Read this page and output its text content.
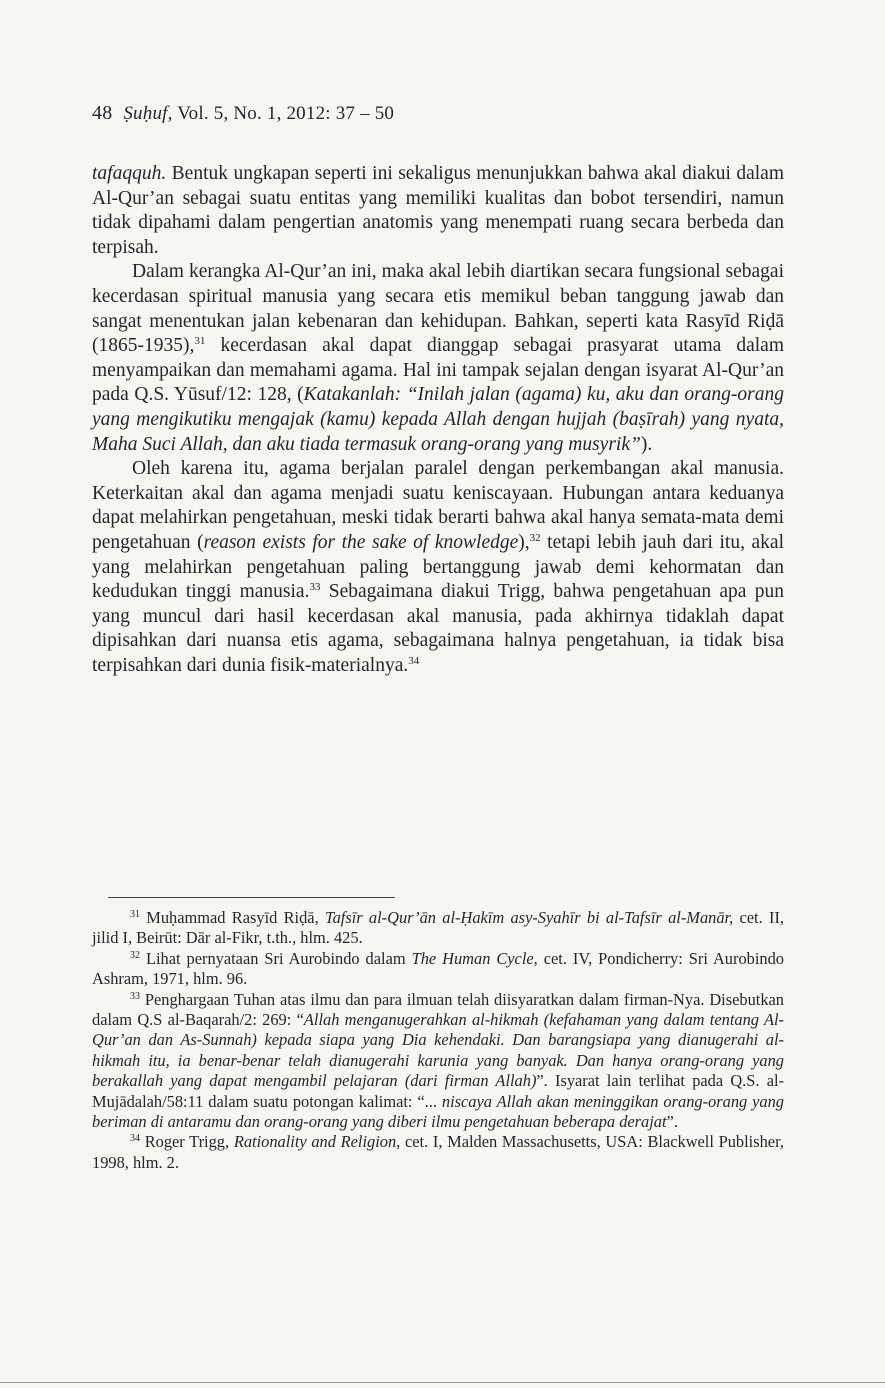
48 Ṣuḥuf, Vol. 5, No. 1, 2012: 37 – 50

tafaqquh. Bentuk ungkapan seperti ini sekaligus menunjukkan bahwa akal diakui dalam Al-Qur’an sebagai suatu entitas yang memiliki kualitas dan bobot tersendiri, namun tidak dipahami dalam pengertian anatomis yang menempati ruang secara berbeda dan terpisah.

Dalam kerangka Al-Qur’an ini, maka akal lebih diartikan secara fungsional sebagai kecerdasan spiritual manusia yang secara etis memikul beban tanggung jawab dan sangat menentukan jalan kebenaran dan kehidupan. Bahkan, seperti kata Rasyīd Riḍā (1865-1935),$^{31}$ kecerdasan akal dapat dianggap sebagai prasyarat utama dalam menyampaikan dan memahami agama. Hal ini tampak sejalan dengan isyarat Al-Qur’an pada Q.S. Yūsuf/12: 128, (Katakanlah: “Inilah jalan (agama) ku, aku dan orang-orang yang mengikutiku mengajak (kamu) kepada Allah dengan hujjah (baṣīrah) yang nyata, Maha Suci Allah, dan aku tiada termasuk orang-orang yang musyrik”).

Oleh karena itu, agama berjalan paralel dengan perkembangan akal manusia. Keterkaitan akal dan agama menjadi suatu keniscayaan. Hubungan antara keduanya dapat melahirkan pengetahuan, meski tidak berarti bahwa akal hanya semata-mata demi pengetahuan (reason exists for the sake of knowledge),$^{32}$ tetapi lebih jauh dari itu, akal yang melahirkan pengetahuan paling bertanggung jawab demi kehormatan dan kedudukan tinggi manusia.$^{33}$ Sebagaimana diakui Trigg, bahwa pengetahuan apa pun yang muncul dari hasil kecerdasan akal manusia, pada akhirnya tidaklah dapat dipisahkan dari nuansa etis agama, sebagaimana halnya pengetahuan, ia tidak bisa terpisahkan dari dunia fisik-materialnya.$^{34}$

$^{31}$ Muḥammad Rasyīd Riḍā, Tafsīr al-Qur’ān al-Ḥakīm asy-Syahīr bi al-Tafsīr al-Manār, cet. II, jilid I, Beirūt: Dār al-Fikr, t.th., hlm. 425.

$^{32}$ Lihat pernyataan Sri Aurobindo dalam The Human Cycle, cet. IV, Pondicherry: Sri Aurobindo Ashram, 1971, hlm. 96.

$^{33}$ Penghargaan Tuhan atas ilmu dan para ilmuan telah diisyaratkan dalam firman-Nya. Disebutkan dalam Q.S al-Baqarah/2: 269: “Allah menganugerahkan al-hikmah (kefahaman yang dalam tentang Al-Qur’an dan As-Sunnah) kepada siapa yang Dia kehendaki. Dan barangsiapa yang dianugerahi al-hikmah itu, ia benar-benar telah dianugerahi karunia yang banyak. Dan hanya orang-orang yang berakallah yang dapat mengambil pelajaran (dari firman Allah)”. Isyarat lain terlihat pada Q.S. al-Mujādalah/58:11 dalam suatu potongan kalimat: “... niscaya Allah akan meninggikan orang-orang yang beriman di antaramu dan orang-orang yang diberi ilmu pengetahuan beberapa derajat”.

$^{34}$ Roger Trigg, Rationality and Religion, cet. I, Malden Massachusetts, USA: Blackwell Publisher, 1998, hlm. 2.
